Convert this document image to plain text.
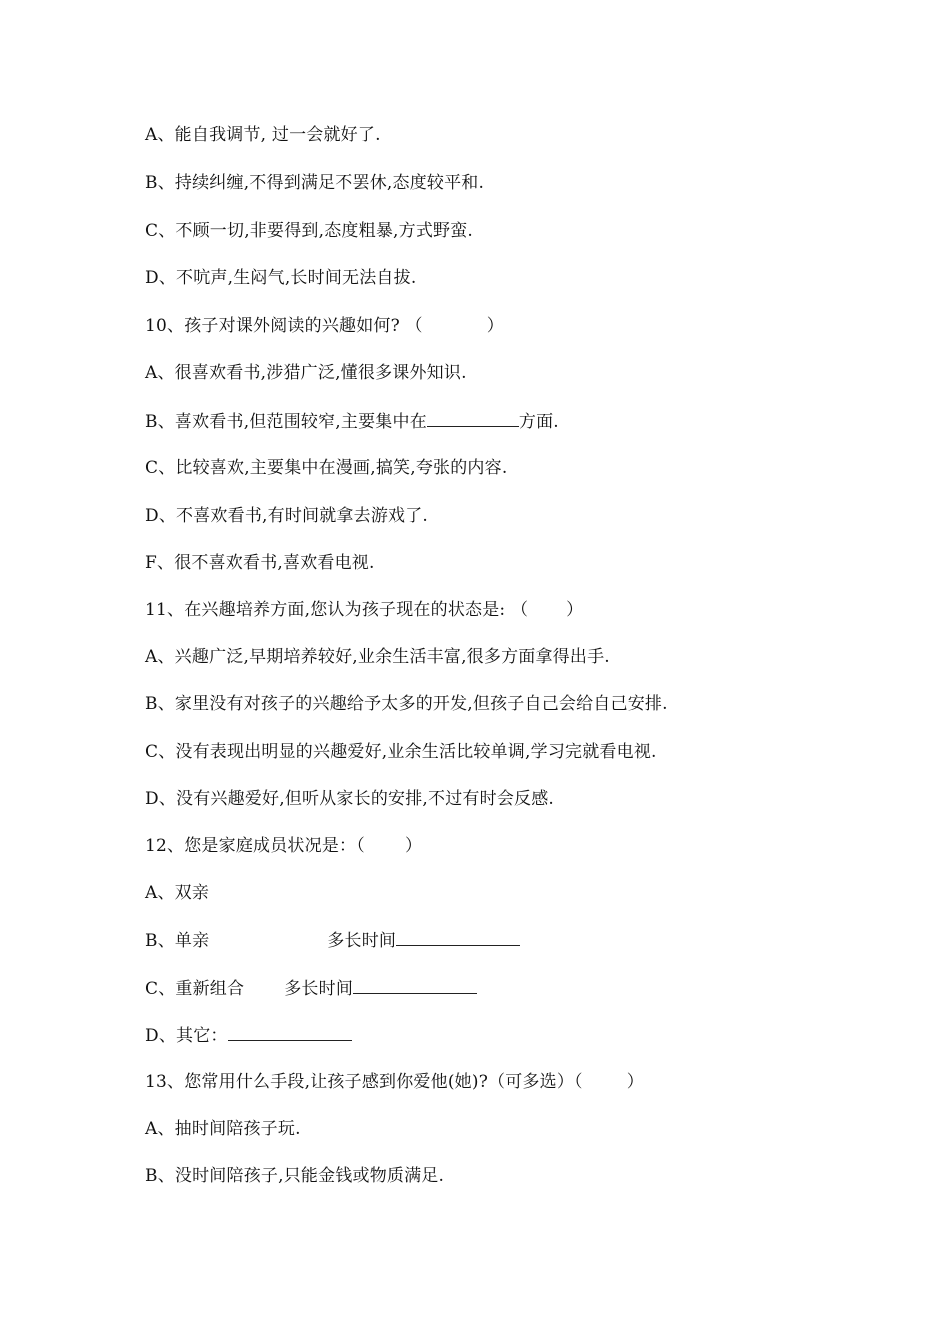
A、能自我调节, 过一会就好了.
B、持续纠缠,不得到满足不罢休,态度较平和.
C、不顾一切,非要得到,态度粗暴,方式野蛮.
D、不吭声,生闷气,长时间无法自拔.
10、孩子对课外阅读的兴趣如何? （	）
A、很喜欢看书,涉猎广泛,懂很多课外知识.
B、喜欢看书,但范围较窄,主要集中在	方面.
C、比较喜欢,主要集中在漫画,搞笑,夸张的内容.
D、不喜欢看书,有时间就拿去游戏了.
F、很不喜欢看书,喜欢看电视.
11、在兴趣培养方面,您认为孩子现在的状态是: （ ）
A、兴趣广泛,早期培养较好,业余生活丰富,很多方面拿得出手.
B、家里没有对孩子的兴趣给予太多的开发,但孩子自己会给自己安排.
C、没有表现出明显的兴趣爱好,业余生活比较单调,学习完就看电视.
D、没有兴趣爱好,但听从家长的安排,不过有时会反感.
12、您是家庭成员状况是：（ ）
A、双亲
B、单亲	多长时间
C、重新组合 多长时间
D、其它：
13、您常用什么手段,让孩子感到你爱他(她)?（可多选）（	）
A、抽时间陪孩子玩.
B、没时间陪孩子,只能金钱或物质满足.
